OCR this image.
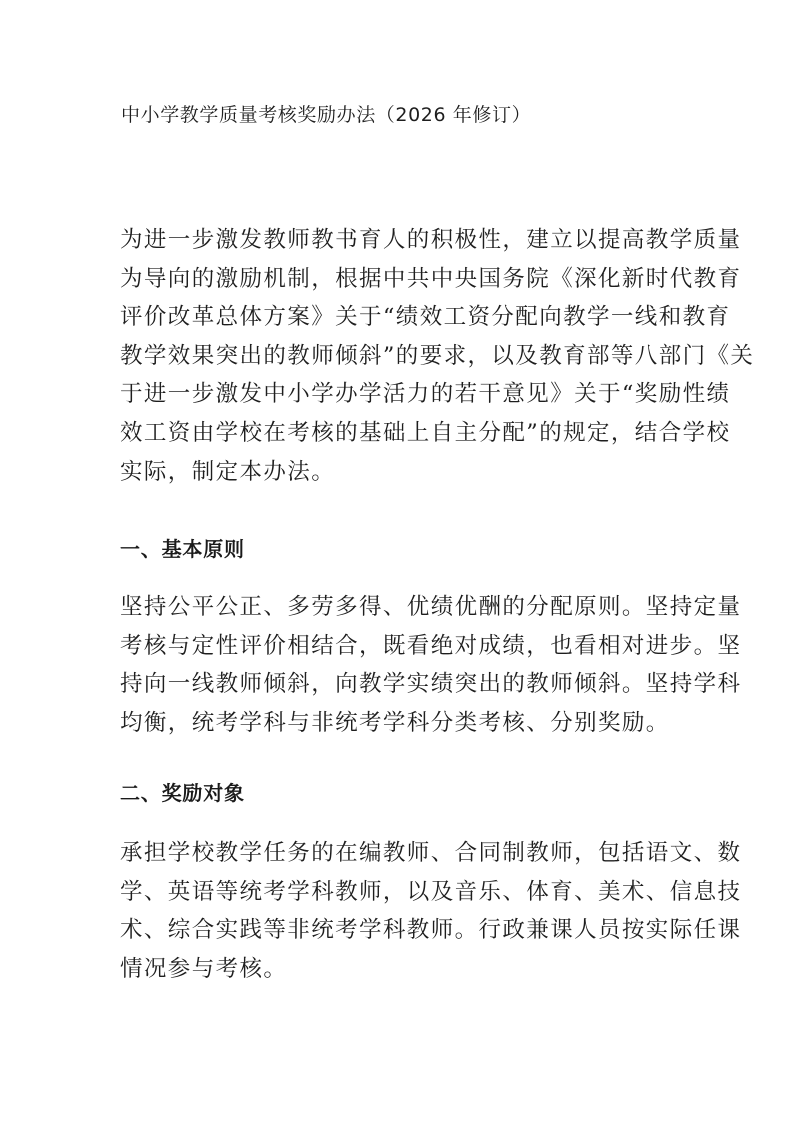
中小学教学质量考核奖励办法（2026 年修订）

为进一步激发教师教书育人的积极性，建立以提高教学质量
为导向的激励机制，根据中共中央国务院《深化新时代教育
评价改革总体方案》关于“绩效工资分配向教学一线和教育
教学效果突出的教师倾斜”的要求，以及教育部等八部门《关
于进一步激发中小学办学活力的若干意见》关于“奖励性绩
效工资由学校在考核的基础上自主分配”的规定，结合学校
实际，制定本办法。

一、基本原则

坚持公平公正、多劳多得、优绩优酬的分配原则。坚持定量
考核与定性评价相结合，既看绝对成绩，也看相对进步。坚
持向一线教师倾斜，向教学实绩突出的教师倾斜。坚持学科
均衡，统考学科与非统考学科分类考核、分别奖励。

二、奖励对象

承担学校教学任务的在编教师、合同制教师，包括语文、数
学、英语等统考学科教师，以及音乐、体育、美术、信息技
术、综合实践等非统考学科教师。行政兼课人员按实际任课
情况参与考核。
